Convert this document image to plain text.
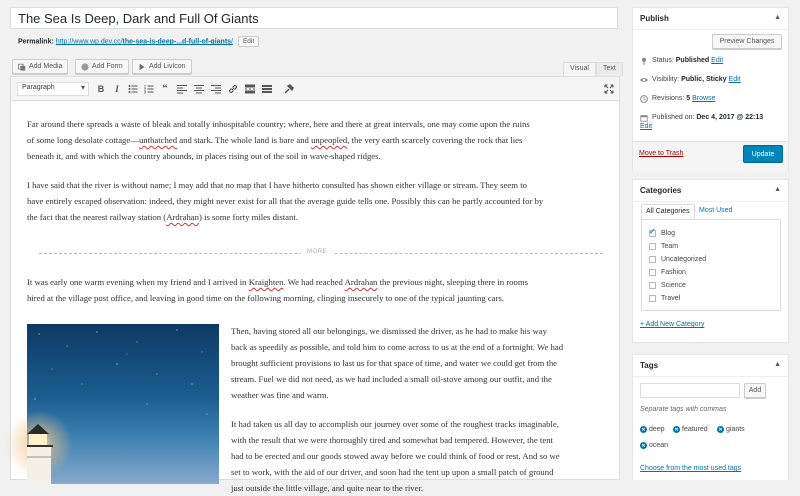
The Sea Is Deep, Dark and Full Of Giants
Permalink: http://www.wp.dev.cc/the-sea-is-deep-...d-full-of-giants/ Edit
Add Media	Add Form	Add LivIcon	Visual	Text
Paragraph ▾	B	I	1
2
3 “

Far around there spreads a waste of bleak and totally inhospitable country; where, here and there at great intervals, one may come upon the ruins

of some long desolate cottage—unthatched and stark. The whole land is bare and unpeopled, the very earth scarcely covering the rock that lies

beneath it, and with which the country abounds, in places rising out of the soil in wave-shaped ridges.

I have said that the river is without name; I may add that no map that I have hitherto consulted has shown either village or stream. They seem to

have entirely escaped observation: indeed, they might never exist for all that the average guide tells one. Possibly this can be partly accounted for by

the fact that the nearest railway station (Ardrahan) is some forty miles distant.

MORE

It was early one warm evening when my friend and I arrived in Kraighten. We had reached Ardrahan the previous night, sleeping there in rooms

hired at the village post office, and leaving in good time on the following morning, clinging insecurely to one of the typical jaunting cars.

Then, having stored all our belongings, we dismissed the driver, as he had to make his way

back as speedily as possible, and told him to come across to us at the end of a fortnight. We had

brought sufficient provisions to last us for that space of time, and water we could get from the

stream. Fuel we did not need, as we had included a small oil-stove among our outfit, and the

weather was fine and warm.

It had taken us all day to accomplish our journey over some of the roughest tracks imaginable,

with the result that we were thoroughly tired and somewhat bad tempered. However, the tent

had to be erected and our goods stowed away before we could think of food or rest. And so we

set to work, with the aid of our driver, and soon had the tent up upon a small patch of ground

just outside the little village, and quite near to the river.

Publish	▲
Preview Changes
Status: Published Edit
Visibility: Public, Sticky Edit
Revisions: 5 Browse
Published on: Dec 4, 2017 @ 22:13
Edit
Move to Trash	Update
Categories	▲
All Categories	Most Used
✓
Blog
Team
Uncategorized
Fashion
Science
Travel
+ Add New Category
Tags	▲
Add
Separate tags with commas
✕ deep ✕ featured ✕ giants
✕ ocean
Choose from the most used tags
